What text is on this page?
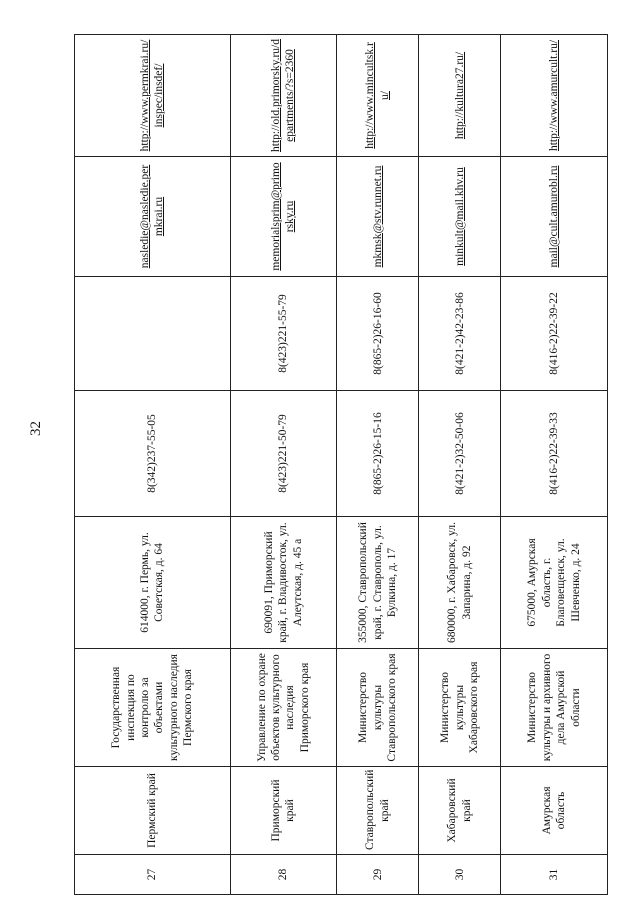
32
27	Пермский край	Государственная инспекция по контролю за объектами культурного наследия Пермского края	614000, г. Пермь, ул. Советская, д. 64	8(342)237-55-05		nasledie@nasledie.permkrai.ru	http://www.permkrai.ru/inspec/insdef/
28	Приморский край	Управление по охране объектов культурного наследия Приморского края	690091, Приморский край, г. Владивосток, ул. Алеутская, д. 45 а	8(423)221-50-79	8(423)221-55-79	memorialsprim@primorsky.ru	http://old.primorsky.ru/departments/?s=2360
29	Ставропольский край	Министерство культуры Ставропольского края	355000, Ставропольский край, г. Ставрополь, ул. Булкина, д. 17	8(865-2)26-15-16	8(865-2)26-16-60	mkmsk@stv.runnet.ru	http://www.mincultsk.ru/
30	Хабаровский край	Министерство культуры Хабаровского края	680000, г. Хабаровск, ул. Запарина, д. 92	8(421-2)32-50-06	8(421-2)42-23-86	minkult@mail.khv.ru	http://kultura27.ru/
31	Амурская область	Министерство культуры и архивного дела Амурской области	675000, Амурская область, г. Благовещенск, ул. Шевченко, д. 24	8(416-2)22-39-33	8(416-2)22-39-22	mail@cult.amurobl.ru	http://www.amurcult.ru/
